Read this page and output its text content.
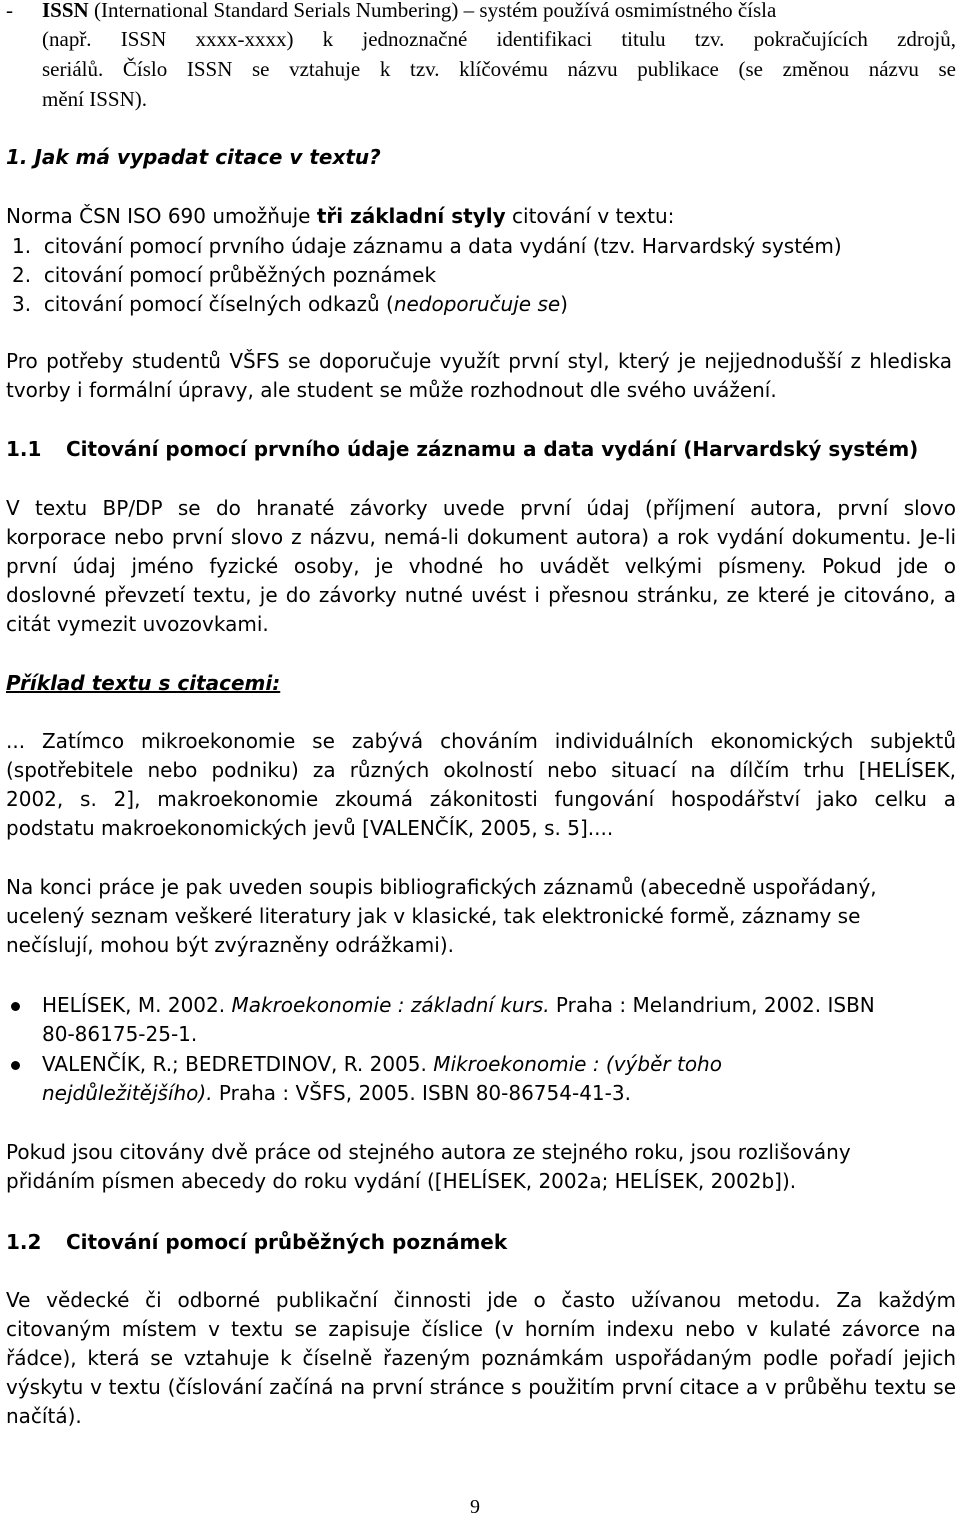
- ISSN (International Standard Serials Numbering) – systém používá osmimístného čísla
(např. ISSN xxxx-xxxx) k jednoznačné identifikaci titulu tzv. pokračujících zdrojů,
seriálů. Číslo ISSN se vztahuje k tzv. klíčovému názvu publikace (se změnou názvu se
mění ISSN).
1. Jak má vypadat citace v textu?
Norma ČSN ISO 690 umožňuje tři základní styly citování v textu:
1. citování pomocí prvního údaje záznamu a data vydání (tzv. Harvardský systém)
2. citování pomocí průběžných poznámek
3. citování pomocí číselných odkazů (nedoporučuje se)
Pro potřeby studentů VŠFS se doporučuje využít první styl, který je nejjednodušší z hlediska
tvorby i formální úpravy, ale student se může rozhodnout dle svého uvážení.
1.1 Citování pomocí prvního údaje záznamu a data vydání (Harvardský systém)
V textu BP/DP se do hranaté závorky uvede první údaj (příjmení autora, první slovo
korporace nebo první slovo z názvu, nemá-li dokument autora) a rok vydání dokumentu. Je-li
první údaj jméno fyzické osoby, je vhodné ho uvádět velkými písmeny. Pokud jde o
doslovné převzetí textu, je do závorky nutné uvést i přesnou stránku, ze které je citováno, a
citát vymezit uvozovkami.
Příklad textu s citacemi:
... Zatímco mikroekonomie se zabývá chováním individuálních ekonomických subjektů
(spotřebitele nebo podniku) za různých okolností nebo situací na dílčím trhu [HELÍSEK,
2002, s. 2], makroekonomie zkoumá zákonitosti fungování hospodářství jako celku a
podstatu makroekonomických jevů [VALENČÍK, 2005, s. 5]....
Na konci práce je pak uveden soupis bibliografických záznamů (abecedně uspořádaný,
ucelený seznam veškeré literatury jak v klasické, tak elektronické formě, záznamy se
nečíslují, mohou být zvýrazněny odrážkami).
HELÍSEK, M. 2002. Makroekonomie : základní kurs. Praha : Melandrium, 2002. ISBN
80-86175-25-1.
VALENČÍK, R.; BEDRETDINOV, R. 2005. Mikroekonomie : (výběr toho
nejdůležitějšího). Praha : VŠFS, 2005. ISBN 80-86754-41-3.
Pokud jsou citovány dvě práce od stejného autora ze stejného roku, jsou rozlišovány
přidáním písmen abecedy do roku vydání ([HELÍSEK, 2002a; HELÍSEK, 2002b]).
1.2 Citování pomocí průběžných poznámek
Ve vědecké či odborné publikační činnosti jde o často užívanou metodu. Za každým
citovaným místem v textu se zapisuje číslice (v horním indexu nebo v kulaté závorce na
řádce), která se vztahuje k číselně řazeným poznámkám uspořádaným podle pořadí jejich
výskytu v textu (číslování začíná na první stránce s použitím první citace a v průběhu textu se
načítá).
9
